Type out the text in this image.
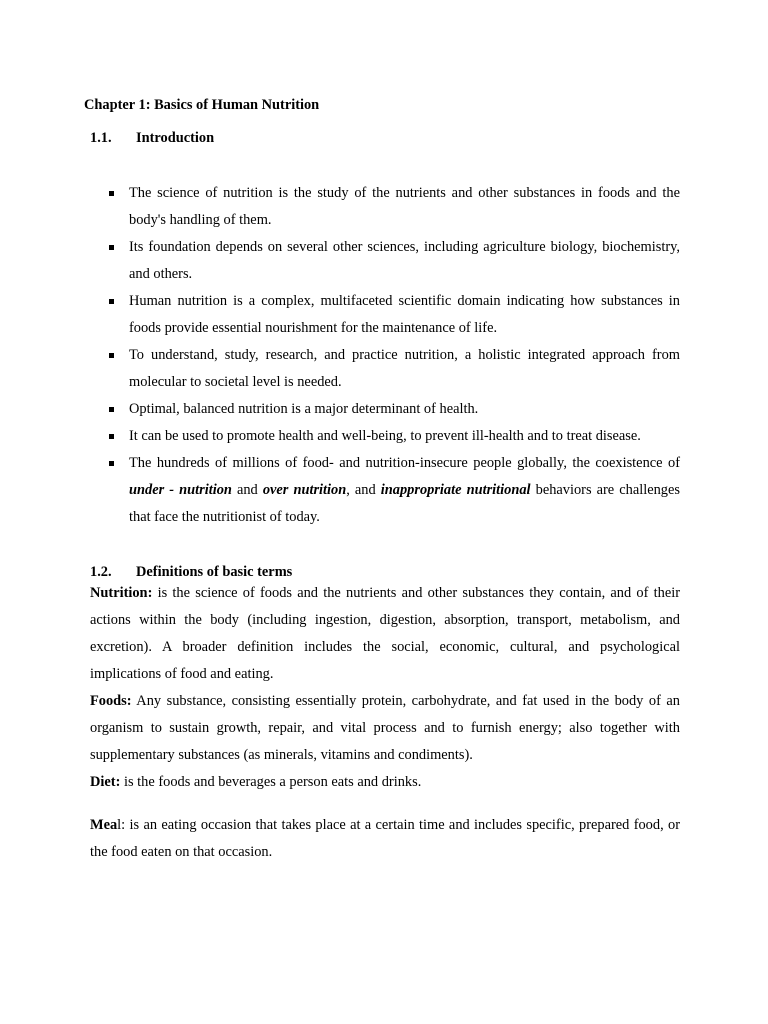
Chapter 1: Basics of Human Nutrition
1.1. Introduction
The science of nutrition is the study of the nutrients and other substances in foods and the body's handling of them.
Its foundation depends on several other sciences, including agriculture biology, biochemistry, and others.
Human nutrition is a complex, multifaceted scientific domain indicating how substances in foods provide essential nourishment for the maintenance of life.
To understand, study, research, and practice nutrition, a holistic integrated approach from molecular to societal level is needed.
Optimal, balanced nutrition is a major determinant of health.
It can be used to promote health and well-being, to prevent ill-health and to treat disease.
The hundreds of millions of food- and nutrition-insecure people globally, the coexistence of under - nutrition and over nutrition, and inappropriate nutritional behaviors are challenges that face the nutritionist of today.
1.2. Definitions of basic terms

Nutrition: is the science of foods and the nutrients and other substances they contain, and of their actions within the body (including ingestion, digestion, absorption, transport, metabolism, and excretion). A broader definition includes the social, economic, cultural, and psychological implications of food and eating.

Foods: Any substance, consisting essentially protein, carbohydrate, and fat used in the body of an organism to sustain growth, repair, and vital process and to furnish energy; also together with supplementary substances (as minerals, vitamins and condiments).

Diet: is the foods and beverages a person eats and drinks.

Meal: is an eating occasion that takes place at a certain time and includes specific, prepared food, or the food eaten on that occasion.
